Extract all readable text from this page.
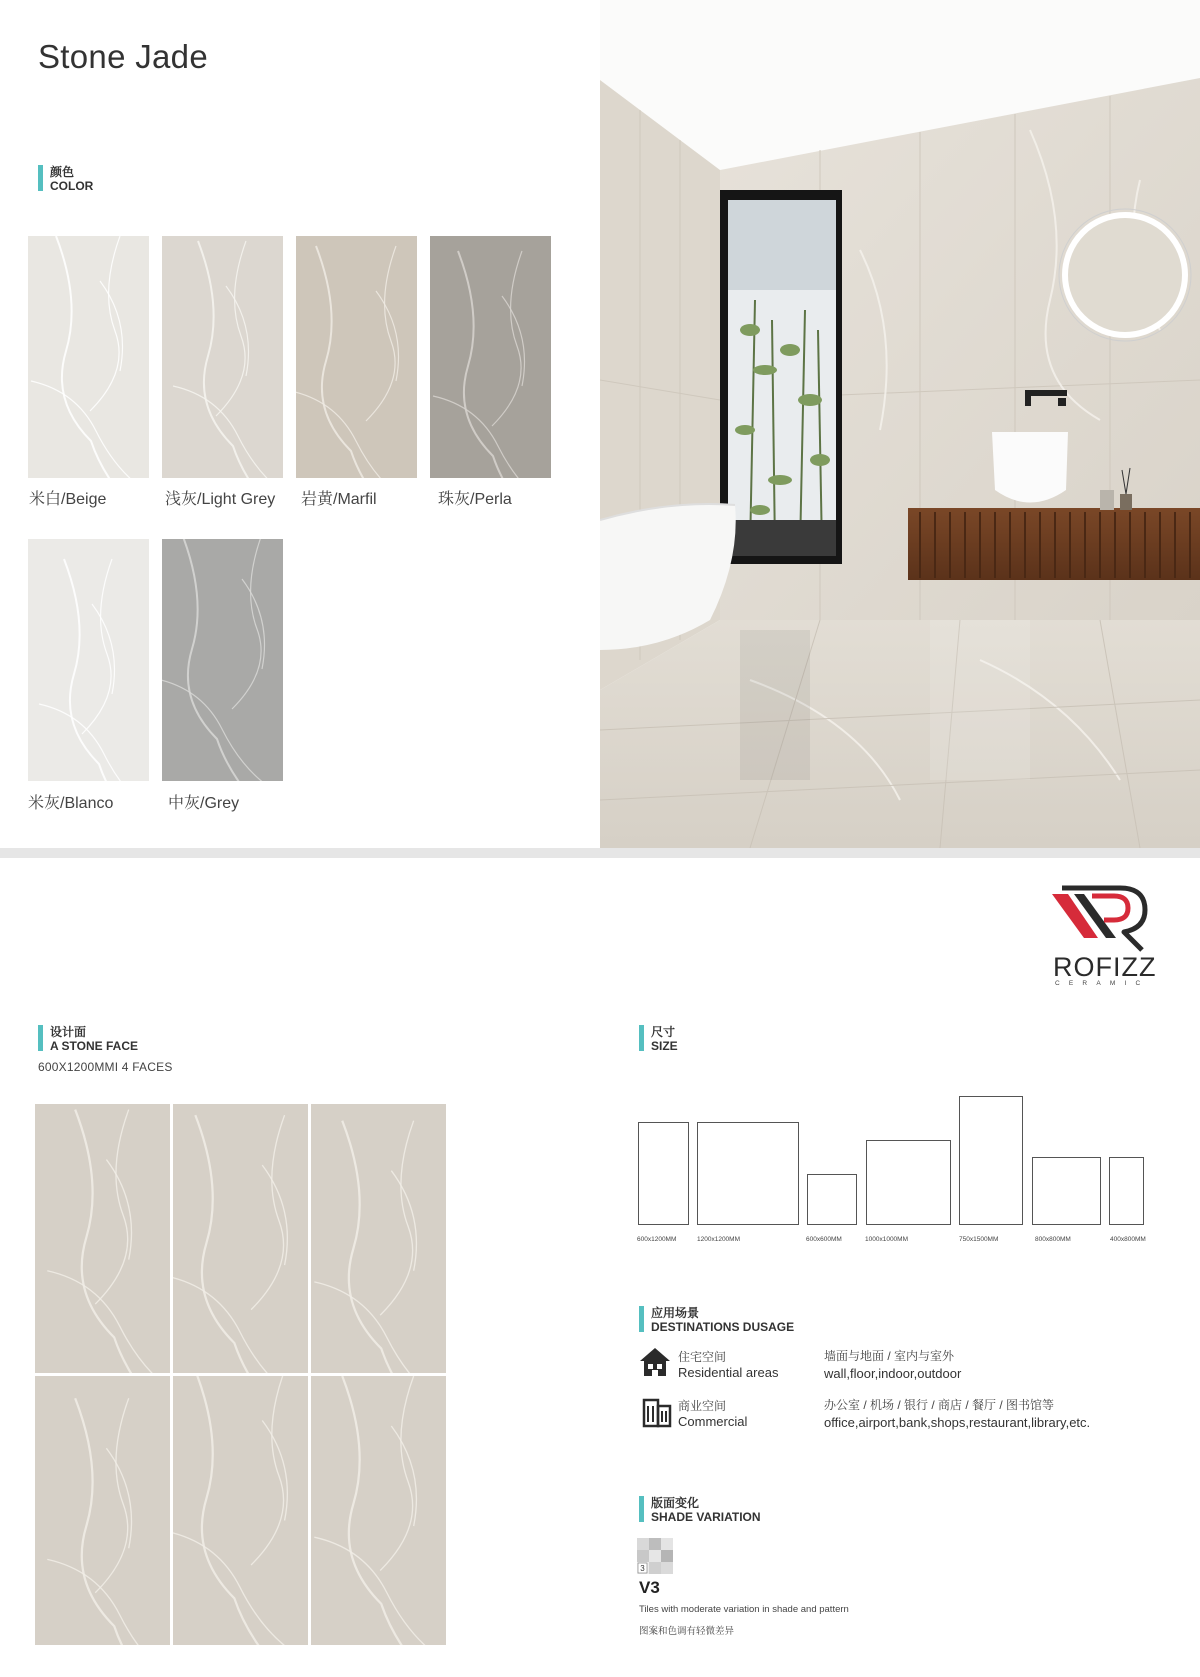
Stone Jade
颜色
COLOR
米白/Beige	浅灰/Light Grey 岩黄/Marfil	珠灰/Perla
米灰/Blanco	中灰/Grey
ROFIZZ
CERAMIC
设计面
A STONE FACE
600X1200MMI 4 FACES
尺寸
SIZE
600x1200MM	1200x1200MM	600x600MM	1000x1000MM	750x1500MM	800x800MM	400x800MM
应用场景
DESTINATIONS DUSAGE
住宅空间
Residential areas
墙面与地面 / 室内与室外
wall,floor,indoor,outdoor
商业空间
Commercial
办公室 / 机场 / 银行 / 商店 / 餐厅 / 图书馆等
office,airport,bank,shops,restaurant,library,etc.
版面变化
SHADE VARIATION
3
V3
Tiles with moderate variation in shade and pattern
图案和色调有轻微差异
